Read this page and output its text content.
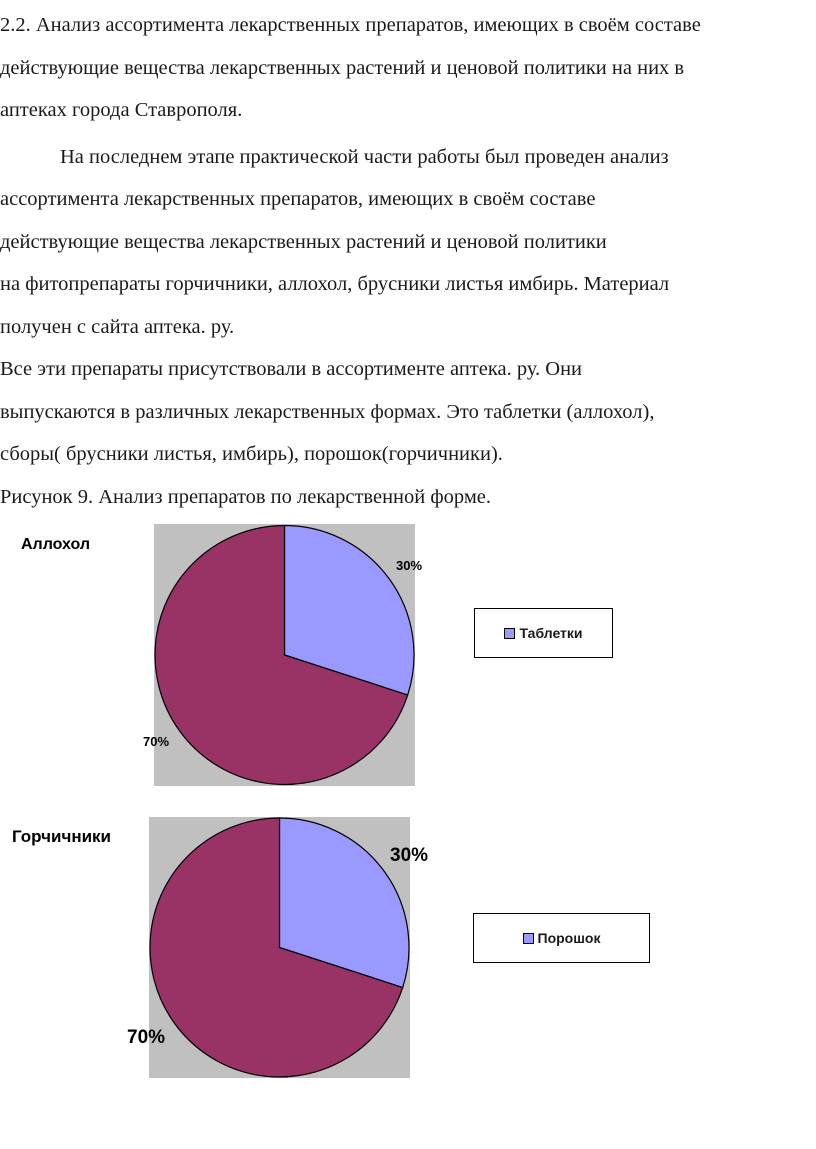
2.2. Анализ ассортимента лекарственных препаратов, имеющих в своём составе

действующие вещества лекарственных растений и ценовой политики на них в

аптеках города Ставрополя.

На последнем этапе практической части работы был проведен анализ

ассортимента лекарственных препаратов, имеющих в своём составе

действующие вещества лекарственных растений и ценовой политики

на фитопрепараты горчичники, аллохол, брусники листья имбирь. Материал

получен с сайта аптека. ру.

Все эти препараты присутствовали в ассортименте аптека. ру. Они

выпускаются в различных лекарственных формах. Это таблетки (аллохол),

сборы( брусники листья, имбирь), порошок(горчичники).

Рисунок 9. Анализ препаратов по лекарственной форме.

Аллохол
30%
70%
Таблетки
Горчичники
30%
70%
Порошок
